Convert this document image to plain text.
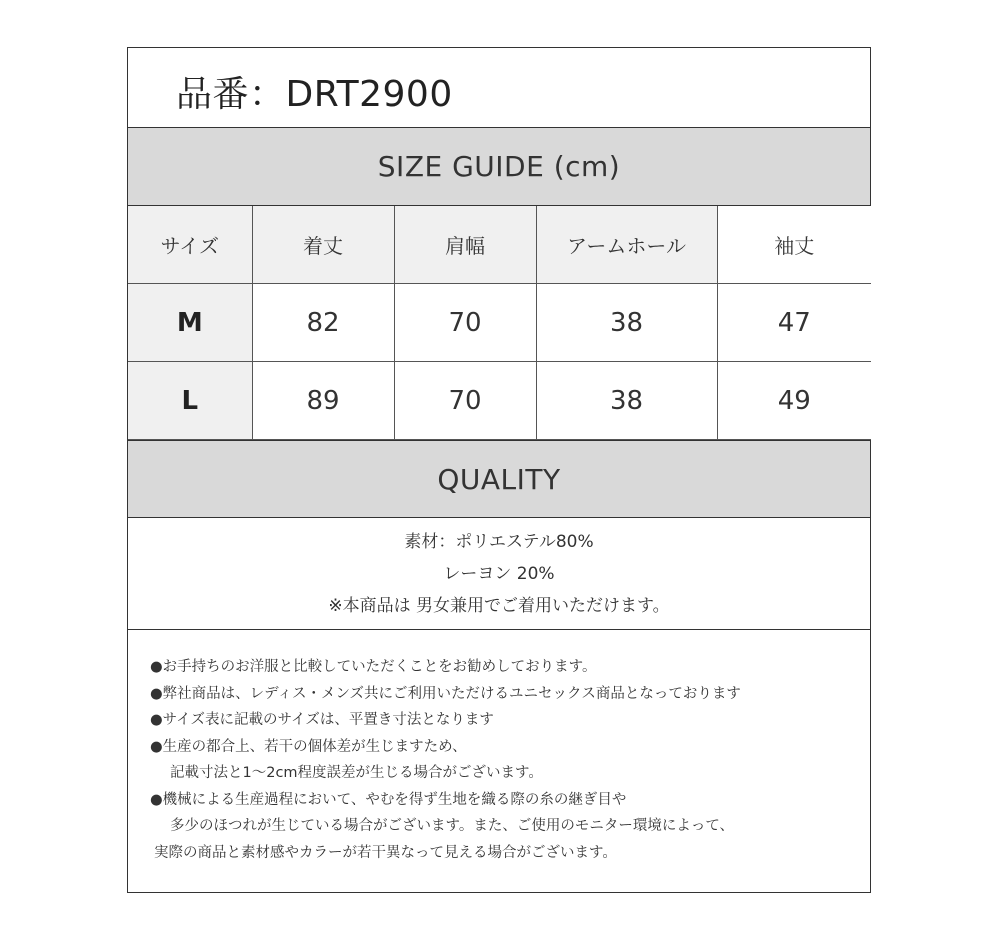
品番：DRT2900
SIZE GUIDE (cm)
サイズ	着丈	肩幅	アームホール	袖丈
M	82	70	38	47
L	89	70	38	49
QUALITY
素材：ポリエステル80%
レーヨン 20%
※本商品は 男女兼用でご着用いただけます。
●お手持ちのお洋服と比較していただくことをお勧めしております。
●弊社商品は、レディス・メンズ共にご利用いただけるユニセックス商品となっております
●サイズ表に記載のサイズは、平置き寸法となります
●生産の都合上、若干の個体差が生じますため、
記載寸法と1～2cm程度誤差が生じる場合がございます。
●機械による生産過程において、やむを得ず生地を織る際の糸の継ぎ目や
多少のほつれが生じている場合がございます。また、ご使用のモニター環境によって、
実際の商品と素材感やカラーが若干異なって見える場合がございます。
